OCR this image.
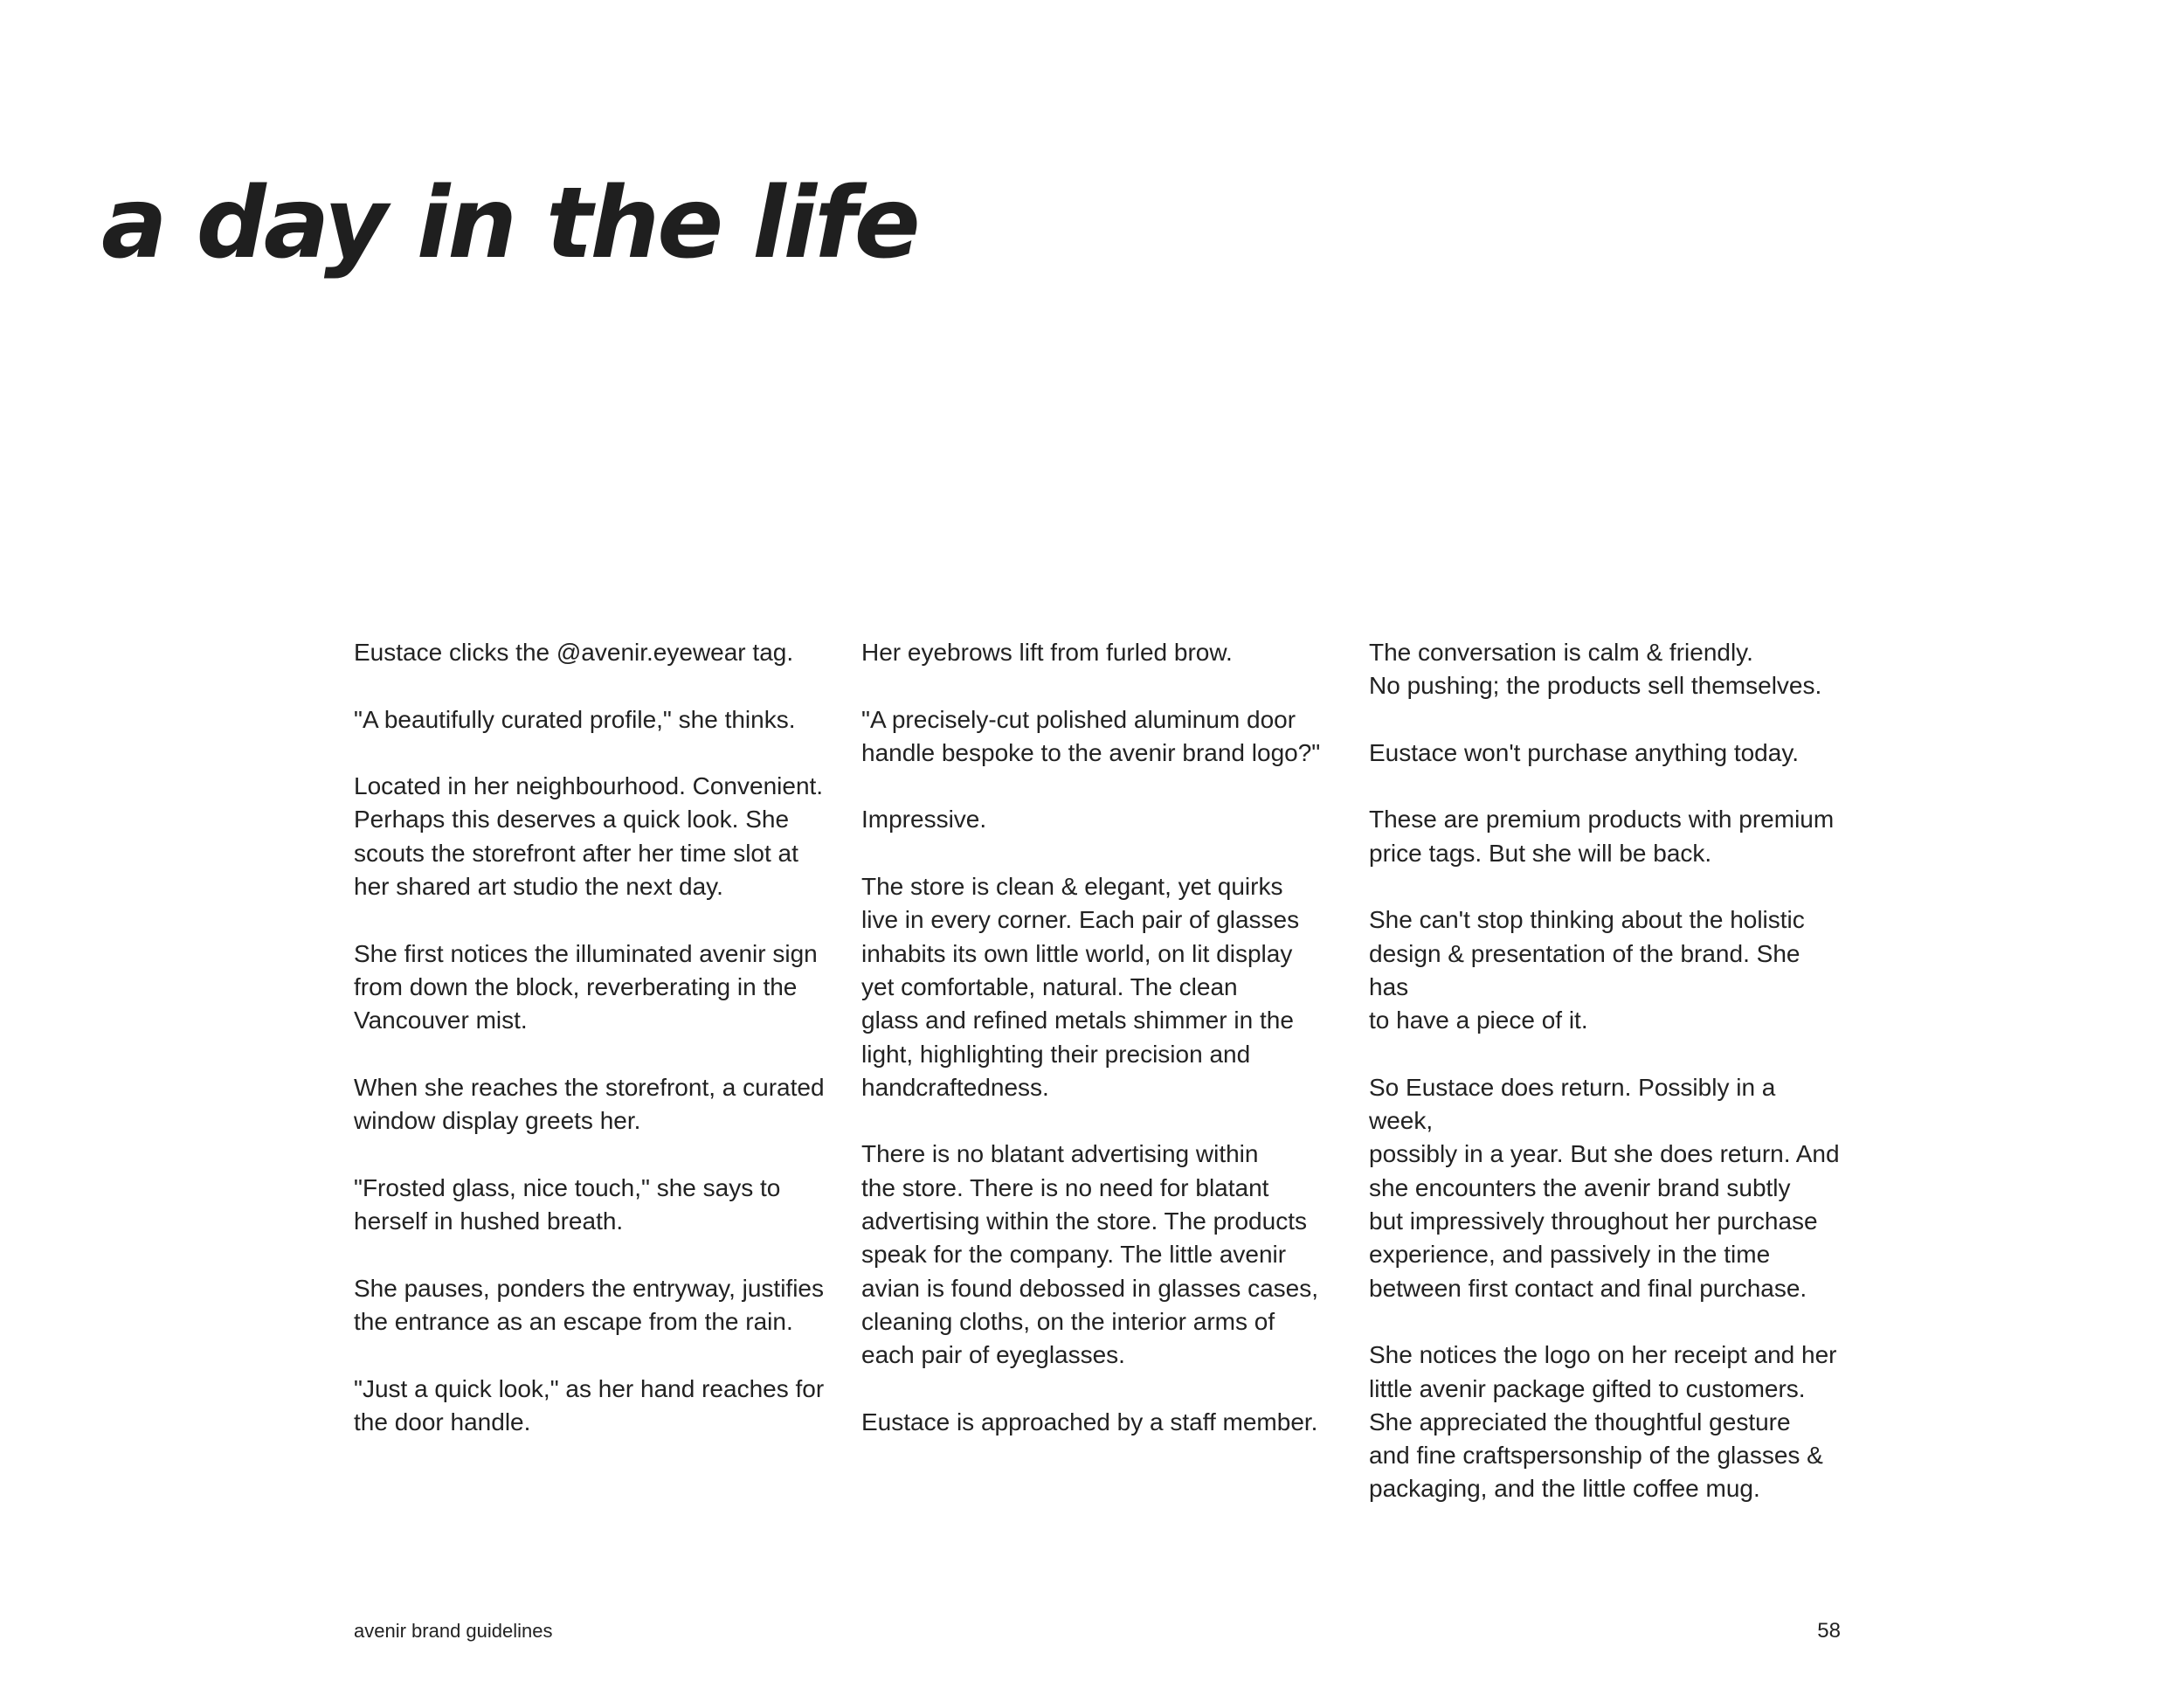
a day in the life

Eustace clicks the @avenir.eyewear tag.

"A beautifully curated profile," she thinks.

Located in her neighbourhood. Convenient.
Perhaps this deserves a quick look. She
scouts the storefront after her time slot at
her shared art studio the next day.

She first notices the illuminated avenir sign
from down the block, reverberating in the
Vancouver mist.

When she reaches the storefront, a curated
window display greets her.

"Frosted glass, nice touch," she says to
herself in hushed breath.

She pauses, ponders the entryway, justifies
the entrance as an escape from the rain.

"Just a quick look," as her hand reaches for
the door handle.

Her eyebrows lift from furled brow.

"A precisely-cut polished aluminum door
handle bespoke to the avenir brand logo?"

Impressive.

The store is clean & elegant, yet quirks
live in every corner. Each pair of glasses
inhabits its own little world, on lit display
yet comfortable, natural. The clean
glass and refined metals shimmer in the
light, highlighting their precision and
handcraftedness.

There is no blatant advertising within
the store. There is no need for blatant
advertising within the store. The products
speak for the company. The little avenir
avian is found debossed in glasses cases,
cleaning cloths, on the interior arms of
each pair of eyeglasses.

Eustace is approached by a staff member.

The conversation is calm & friendly.
No pushing; the products sell themselves.

Eustace won't purchase anything today.

These are premium products with premium
price tags. But she will be back.

She can't stop thinking about the holistic
design & presentation of the brand. She has
to have a piece of it.

So Eustace does return. Possibly in a week,
possibly in a year. But she does return. And
she encounters the avenir brand subtly
but impressively throughout her purchase
experience, and passively in the time
between first contact and final purchase.

She notices the logo on her receipt and her
little avenir package gifted to customers.
She appreciated the thoughtful gesture
and fine craftspersonship of the glasses &
packaging, and the little coffee mug.

avenir brand guidelines	58
